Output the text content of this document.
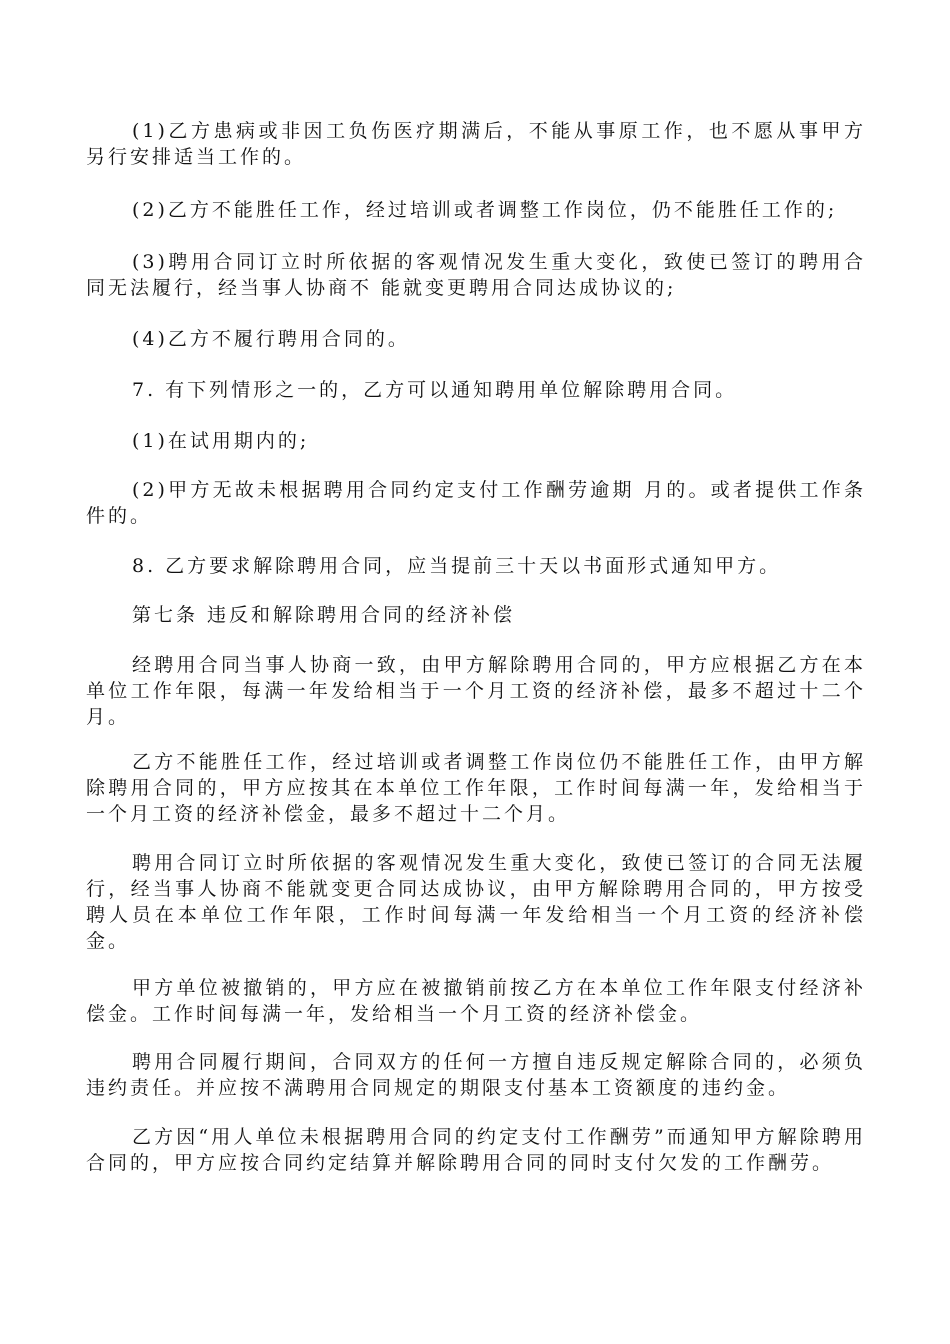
(1)乙方患病或非因工负伤医疗期满后，不能从事原工作，也不愿从事甲方另行安排适当工作的。

(2)乙方不能胜任工作，经过培训或者调整工作岗位，仍不能胜任工作的;

(3)聘用合同订立时所依据的客观情况发生重大变化，致使已签订的聘用合同无法履行，经当事人协商不 能就变更聘用合同达成协议的;

(4)乙方不履行聘用合同的。

7. 有下列情形之一的，乙方可以通知聘用单位解除聘用合同。

(1)在试用期内的;

(2)甲方无故未根据聘用合同约定支付工作酬劳逾期 月的。或者提供工作条件的。

8. 乙方要求解除聘用合同，应当提前三十天以书面形式通知甲方。

第七条 违反和解除聘用合同的经济补偿

经聘用合同当事人协商一致，由甲方解除聘用合同的，甲方应根据乙方在本单位工作年限，每满一年发给相当于一个月工资的经济补偿，最多不超过十二个月。

乙方不能胜任工作，经过培训或者调整工作岗位仍不能胜任工作，由甲方解除聘用合同的，甲方应按其在本单位工作年限，工作时间每满一年，发给相当于一个月工资的经济补偿金，最多不超过十二个月。

聘用合同订立时所依据的客观情况发生重大变化，致使已签订的合同无法履行，经当事人协商不能就变更合同达成协议，由甲方解除聘用合同的，甲方按受聘人员在本单位工作年限，工作时间每满一年发给相当一个月工资的经济补偿金。

甲方单位被撤销的，甲方应在被撤销前按乙方在本单位工作年限支付经济补偿金。工作时间每满一年，发给相当一个月工资的经济补偿金。

聘用合同履行期间，合同双方的任何一方擅自违反规定解除合同的，必须负违约责任。并应按不满聘用合同规定的期限支付基本工资额度的违约金。

乙方因“用人单位未根据聘用合同的约定支付工作酬劳”而通知甲方解除聘用合同的，甲方应按合同约定结算并解除聘用合同的同时支付欠发的工作酬劳。
